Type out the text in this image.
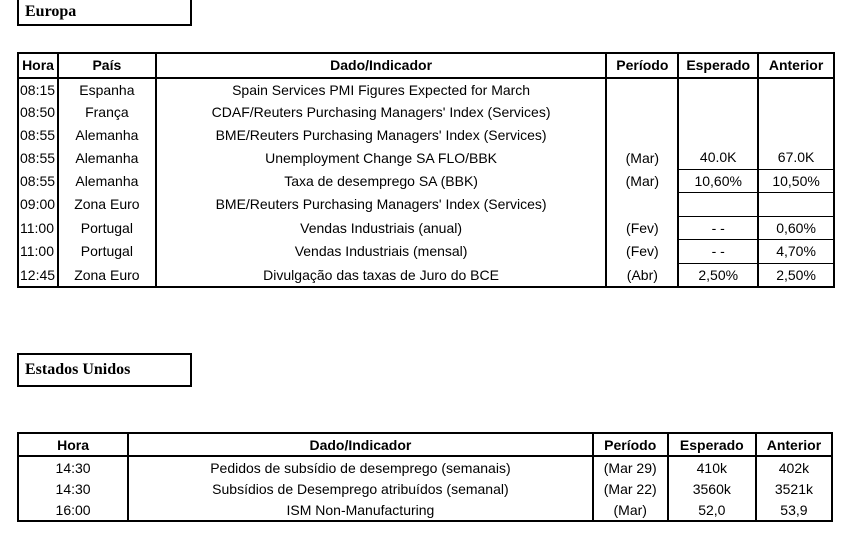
Europa
Hora	País	Dado/Indicador	Período	Esperado	Anterior
08:15	Espanha	Spain Services PMI Figures Expected for March			
08:50	França	CDAF/Reuters Purchasing Managers' Index (Services)			
08:55	Alemanha	BME/Reuters Purchasing Managers' Index (Services)			
08:55	Alemanha	Unemployment Change SA FLO/BBK	(Mar)	40.0K	67.0K
08:55	Alemanha	Taxa de desemprego SA (BBK)	(Mar)	10,60%	10,50%
09:00	Zona Euro	BME/Reuters Purchasing Managers' Index (Services)			
11:00	Portugal	Vendas Industriais (anual)	(Fev)	- -	0,60%
11:00	Portugal	Vendas Industriais (mensal)	(Fev)	- -	4,70%
12:45	Zona Euro	Divulgação das taxas de Juro do BCE	(Abr)	2,50%	2,50%
Estados Unidos
Hora	Dado/Indicador	Período	Esperado	Anterior
14:30	Pedidos de subsídio de desemprego (semanais)	(Mar 29)	410k	402k
14:30	Subsídios de Desemprego atribuídos (semanal)	(Mar 22)	3560k	3521k
16:00	ISM Non-Manufacturing	(Mar)	52,0	53,9
